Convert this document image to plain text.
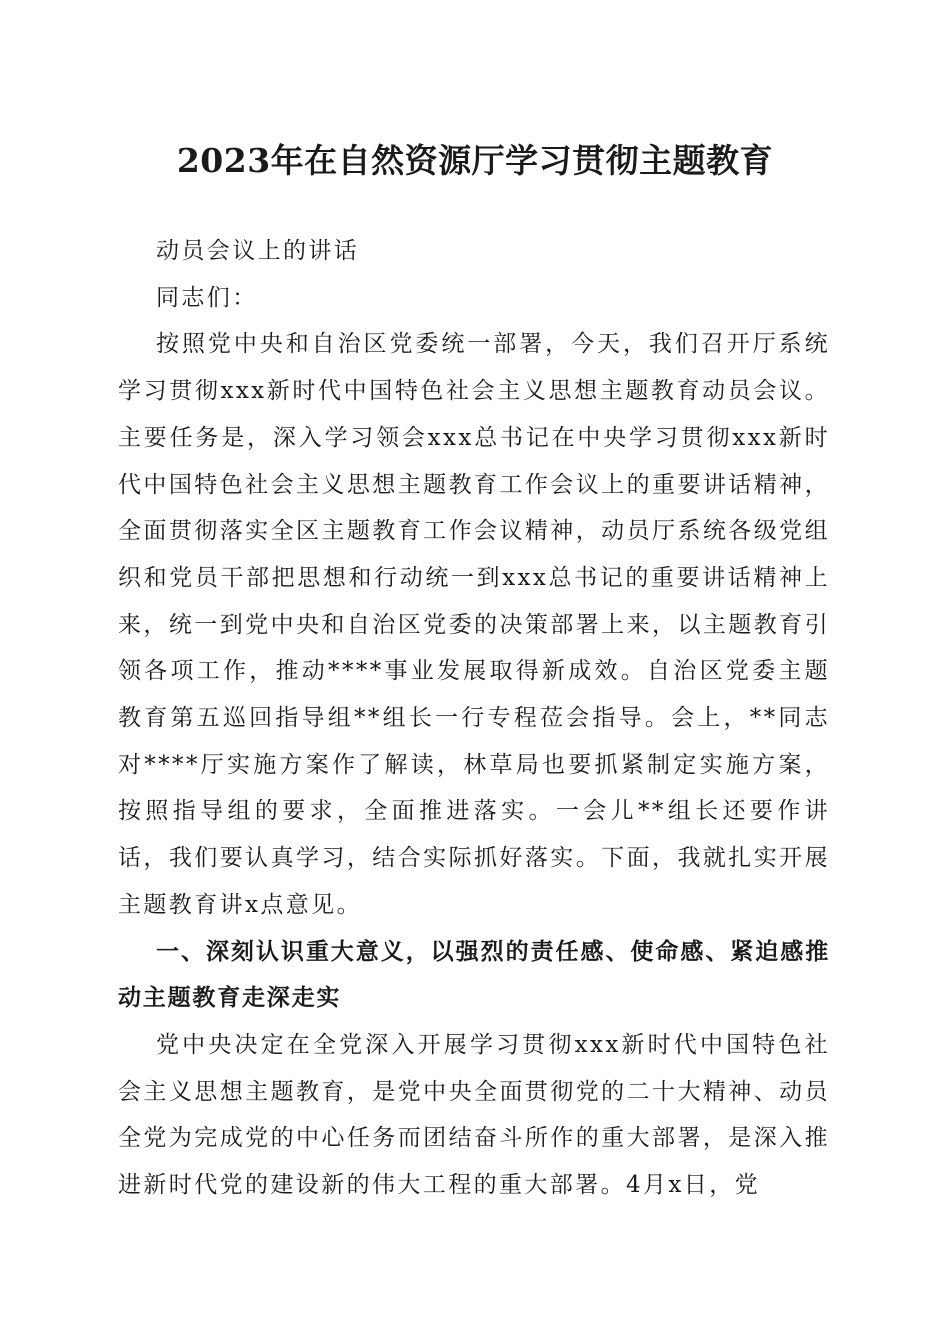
2023年在自然资源厅学习贯彻主题教育

动员会议上的讲话

同志们：

按照党中央和自治区党委统一部署，今天，我们召开厅系统学习贯彻xxx新时代中国特色社会主义思想主题教育动员会议。主要任务是，深入学习领会xxx总书记在中央学习贯彻xxx新时代中国特色社会主义思想主题教育工作会议上的重要讲话精神，全面贯彻落实全区主题教育工作会议精神，动员厅系统各级党组织和党员干部把思想和行动统一到xxx总书记的重要讲话精神上来，统一到党中央和自治区党委的决策部署上来，以主题教育引领各项工作，推动****事业发展取得新成效。自治区党委主题教育第五巡回指导组**组长一行专程莅会指导。会上，**同志对****厅实施方案作了解读，林草局也要抓紧制定实施方案，按照指导组的要求，全面推进落实。一会儿**组长还要作讲话，我们要认真学习，结合实际抓好落实。下面，我就扎实开展主题教育讲x点意见。

一、深刻认识重大意义，以强烈的责任感、使命感、紧迫感推动主题教育走深走实

党中央决定在全党深入开展学习贯彻xxx新时代中国特色社会主义思想主题教育，是党中央全面贯彻党的二十大精神、动员全党为完成党的中心任务而团结奋斗所作的重大部署，是深入推进新时代党的建设新的伟大工程的重大部署。4月x日，党
